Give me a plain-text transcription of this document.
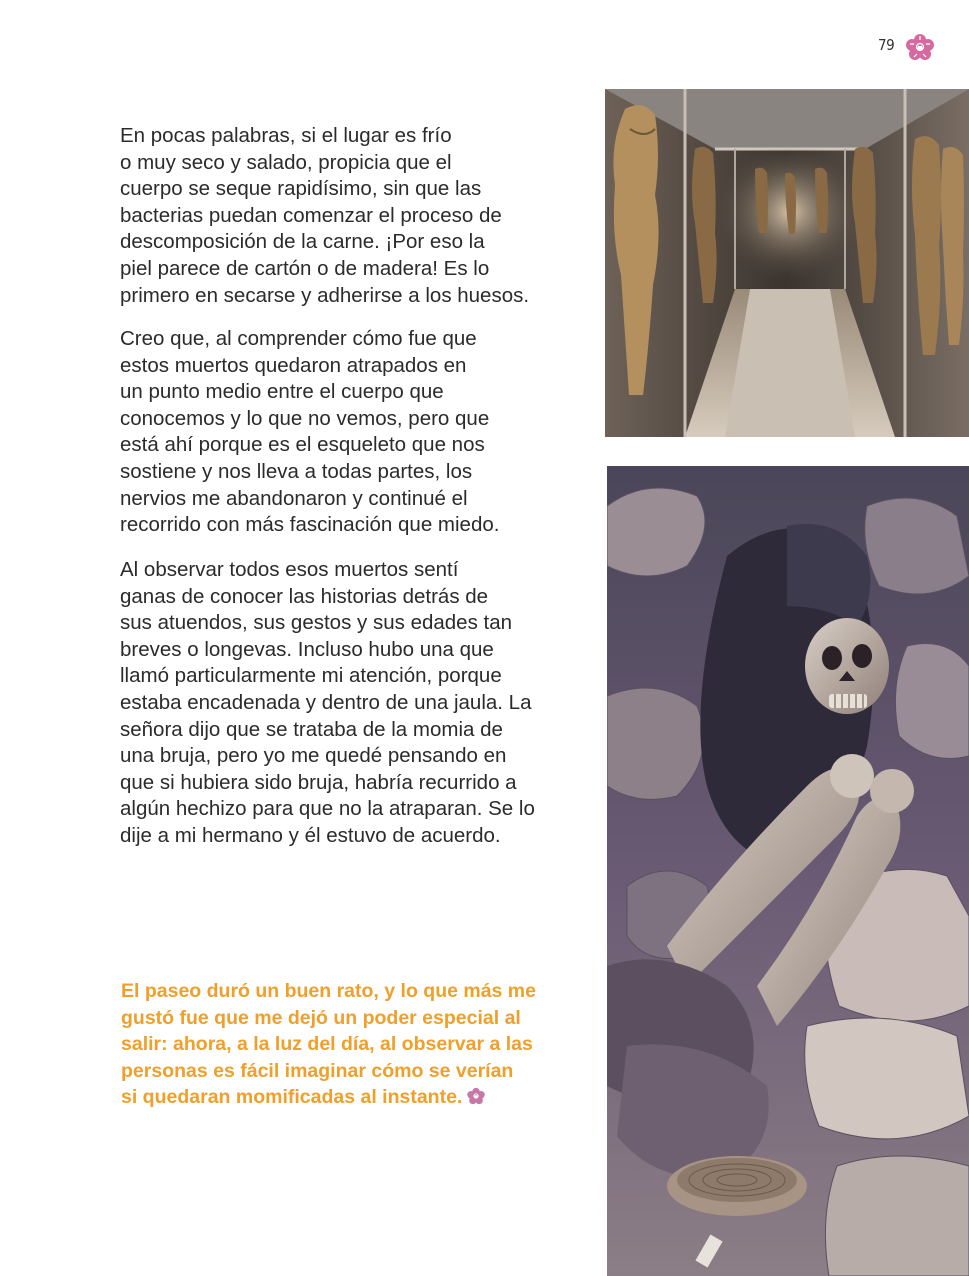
79

En pocas palabras, si el lugar es frío
o muy seco y salado, propicia que el
cuerpo se seque rapidísimo, sin que las
bacterias puedan comenzar el proceso de
descomposición de la carne. ¡Por eso la
piel parece de cartón o de madera! Es lo
primero en secarse y adherirse a los huesos.

Creo que, al comprender cómo fue que
estos muertos quedaron atrapados en
un punto medio entre el cuerpo que
conocemos y lo que no vemos, pero que
está ahí porque es el esqueleto que nos
sostiene y nos lleva a todas partes, los
nervios me abandonaron y continué el
recorrido con más fascinación que miedo.

Al observar todos esos muertos sentí
ganas de conocer las historias detrás de
sus atuendos, sus gestos y sus edades tan
breves o longevas. Incluso hubo una que
llamó particularmente mi atención, porque
estaba encadenada y dentro de una jaula. La
señora dijo que se trataba de la momia de
una bruja, pero yo me quedé pensando en
que si hubiera sido bruja, habría recurrido a
algún hechizo para que no la atraparan. Se lo
dije a mi hermano y él estuvo de acuerdo.

El paseo duró un buen rato, y lo que más me
gustó fue que me dejó un poder especial al
salir: ahora, a la luz del día, al observar a las
personas es fácil imaginar cómo se verían
si quedaran momificadas al instante.
